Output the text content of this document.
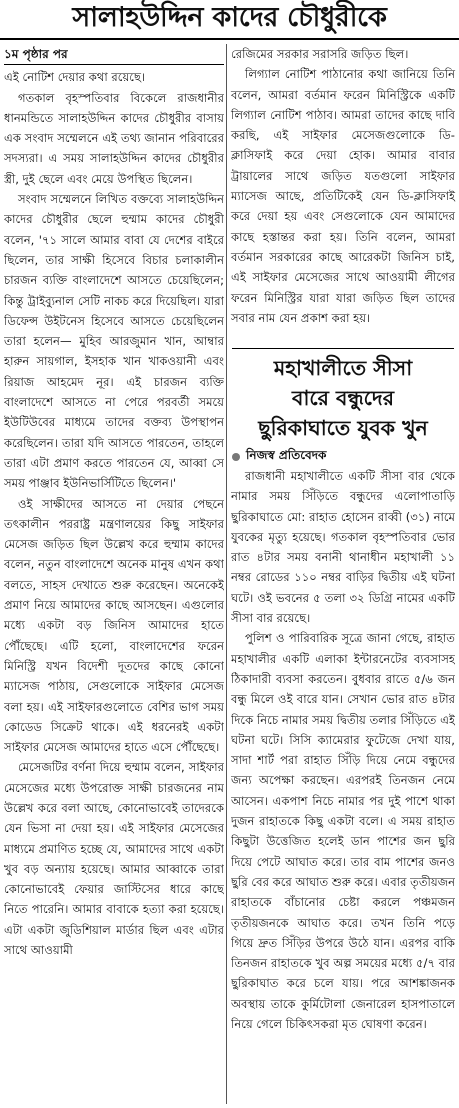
সালাহউদ্দিন কাদের চৌধুরীকে
১ম পৃষ্ঠার পর

এই নোটিশ দেয়ার কথা রয়েছে।

গতকাল বৃহস্পতিবার বিকেলে রাজধানীর ধানমন্ডিতে সালাহউদ্দিন কাদের চৌধুরীর বাসায় এক সংবাদ সম্মেলনে এই তথ্য জানান পরিবারের সদস্যরা। এ সময় সালাহউদ্দিন কাদের চৌধুরীর স্ত্রী, দুই ছেলে এবং মেয়ে উপস্থিত ছিলেন।

সংবাদ সম্মেলনে লিখিত বক্তব্যে সালাহউদ্দিন কাদের চৌধুরীর ছেলে হুম্মাম কাদের চৌধুরী বলেন, '৭১ সালে আমার বাবা যে দেশের বাইরে ছিলেন, তার সাক্ষী হিসেবে বিচার চলাকালীন চারজন ব্যক্তি বাংলাদেশে আসতে চেয়েছিলেন; কিন্তু ট্রাইব্যুনাল সেটি নাকচ করে দিয়েছিল। যারা ডিফেন্স উইটনেস হিসেবে আসতে চেয়েছিলেন তারা হলেন— মুহিব আরজুমান খান, আম্বার হারুন সায়গাল, ইসহাক খান খাকওয়ানী এবং রিয়াজ আহমেদ নূর। এই চারজন ব্যক্তি বাংলাদেশে আসতে না পেরে পরবর্তী সময়ে ইউটিউবের মাধ্যমে তাদের বক্তব্য উপস্থাপন করেছিলেন। তারা যদি আসতে পারতেন, তাহলে তারা এটা প্রমাণ করতে পারতেন যে, আব্বা সে সময় পাঞ্জাব ইউনিভার্সিটিতে ছিলেন।'

ওই সাক্ষীদের আসতে না দেয়ার পেছনে তৎকালীন পররাষ্ট্র মন্ত্রণালয়ের কিছু সাইফার মেসেজ জড়িত ছিল উল্লেখ করে হুম্মাম কাদের বলেন, নতুন বাংলাদেশে অনেক মানুষ এখন কথা বলতে, সাহস দেখাতে শুরু করেছেন। অনেকেই প্রমাণ নিয়ে আমাদের কাছে আসছেন। এগুলোর মধ্যে একটা বড় জিনিস আমাদের হাতে পৌঁছেছে। এটি হলো, বাংলাদেশের ফরেন মিনিস্ট্রি যখন বিদেশী দূতদের কাছে কোনো ম্যাসেজ পাঠায়, সেগুলোকে সাইফার মেসেজ বলা হয়। এই সাইফারগুলোতে বেশির ভাগ সময় কোডেড সিক্রেট থাকে। এই ধরনেরই একটা সাইফার মেসেজ আমাদের হাতে এসে পৌঁছেছে।

মেসেজটির বর্ণনা দিয়ে হুম্মাম বলেন, সাইফার মেসেজের মধ্যে উপরোক্ত সাক্ষী চারজনের নাম উল্লেখ করে বলা আছে, কোনোভাবেই তাদেরকে যেন ভিসা না দেয়া হয়। এই সাইফার মেসেজের মাধ্যমে প্রমাণিত হচ্ছে যে, আমাদের সাথে একটা খুব বড় অন্যায় হয়েছে। আমার আব্বাকে তারা কোনোভাবেই ফেয়ার জাস্টিসের ধারে কাছে নিতে পারেনি। আমার বাবাকে হত্যা করা হয়েছে। এটা একটা জুডিশিয়াল মার্ডার ছিল এবং এটার সাথে আওয়ামী

রেজিমের সরকার সরাসরি জড়িত ছিল।

লিগ্যাল নোটিশ পাঠানোর কথা জানিয়ে তিনি বলেন, আমরা বর্তমান ফরেন মিনিস্ট্রিকে একটি লিগ্যাল নোটিশ পাঠাব। আমরা তাদের কাছে দাবি করছি, এই সাইফার মেসেজগুলোকে ডি-ক্লাসিফাই করে দেয়া হোক। আমার বাবার ট্রায়ালের সাথে জড়িত যতগুলো সাইফার ম্যাসেজ আছে, প্রতিটিকেই যেন ডি-ক্লাসিফাই করে দেয়া হয় এবং সেগুলোকে যেন আমাদের কাছে হস্তান্তর করা হয়। তিনি বলেন, আমরা বর্তমান সরকারের কাছে আরেকটা জিনিস চাই, এই সাইফার মেসেজের সাথে আওয়ামী লীগের ফরেন মিনিস্ট্রির যারা যারা জড়িত ছিল তাদের সবার নাম যেন প্রকাশ করা হয়।

মহাখালীতে সীসা
বারে বন্ধুদের
ছুরিকাঘাতে যুবক খুন
নিজস্ব প্রতিবেদক

রাজধানী মহাখালীতে একটি সীসা বার থেকে নামার সময় সিঁড়িতে বন্ধুদের এলোপাতাড়ি ছুরিকাঘাতে মো: রাহাত হোসেন রাব্বী (৩১) নামে যুবকের মৃত্যু হয়েছে। গতকাল বৃহস্পতিবার ভোর রাত ৪টার সময় বনানী থানাধীন মহাখালী ১১ নম্বর রোডের ১১০ নম্বর বাড়ির দ্বিতীয় এই ঘটনা ঘটে। ওই ভবনের ৫ তলা ৩২ ডিগ্রি নামের একটি সীসা বার রয়েছে।

পুলিশ ও পারিবারিক সূত্রে জানা গেছে, রাহাত মহাখালীর একটি এলাকা ইন্টারনেটের ব্যবসাসহ ঠিকাদারী ব্যবসা করতেন। বুধবার রাতে ৫/৬ জন বন্ধু মিলে ওই বারে যান। সেখান ভোর রাত ৪টার দিকে নিচে নামার সময় দ্বিতীয় তলার সিঁড়িতে এই ঘটনা ঘটে। সিসি ক্যামেরার ফুটেজে দেখা যায়, সাদা শার্ট পরা রাহাত সিঁড়ি দিয়ে নেমে বন্ধুদের জন্য অপেক্ষা করছেন। এরপরই তিনজন নেমে আসেন। একপাশ নিচে নামার পর দুই পাশে থাকা দুজন রাহাতকে কিছু একটা বলে। এ সময় রাহাত কিছুটা উত্তেজিত হলেই ডান পাশের জন ছুরি দিয়ে পেটে আঘাত করে। তার বাম পাশের জনও ছুরি বের করে আঘাত শুরু করে। এবার তৃতীয়জন রাহাতকে বাঁচানোর চেষ্টা করলে পঞ্চমজন তৃতীয়জনকে আঘাত করে। তখন তিনি পড়ে গিয়ে দ্রুত সিঁড়ির উপরে উঠে যান। এরপর বাকি তিনজন রাহাতকে খুব অল্প সময়ের মধ্যে ৫/৭ বার ছুরিকাঘাত করে চলে যায়। পরে আশঙ্কাজনক অবস্থায় তাকে কুর্মিটোলা জেনারেল হাসপাতালে নিয়ে গেলে চিকিৎসকরা মৃত ঘোষণা করেন।
